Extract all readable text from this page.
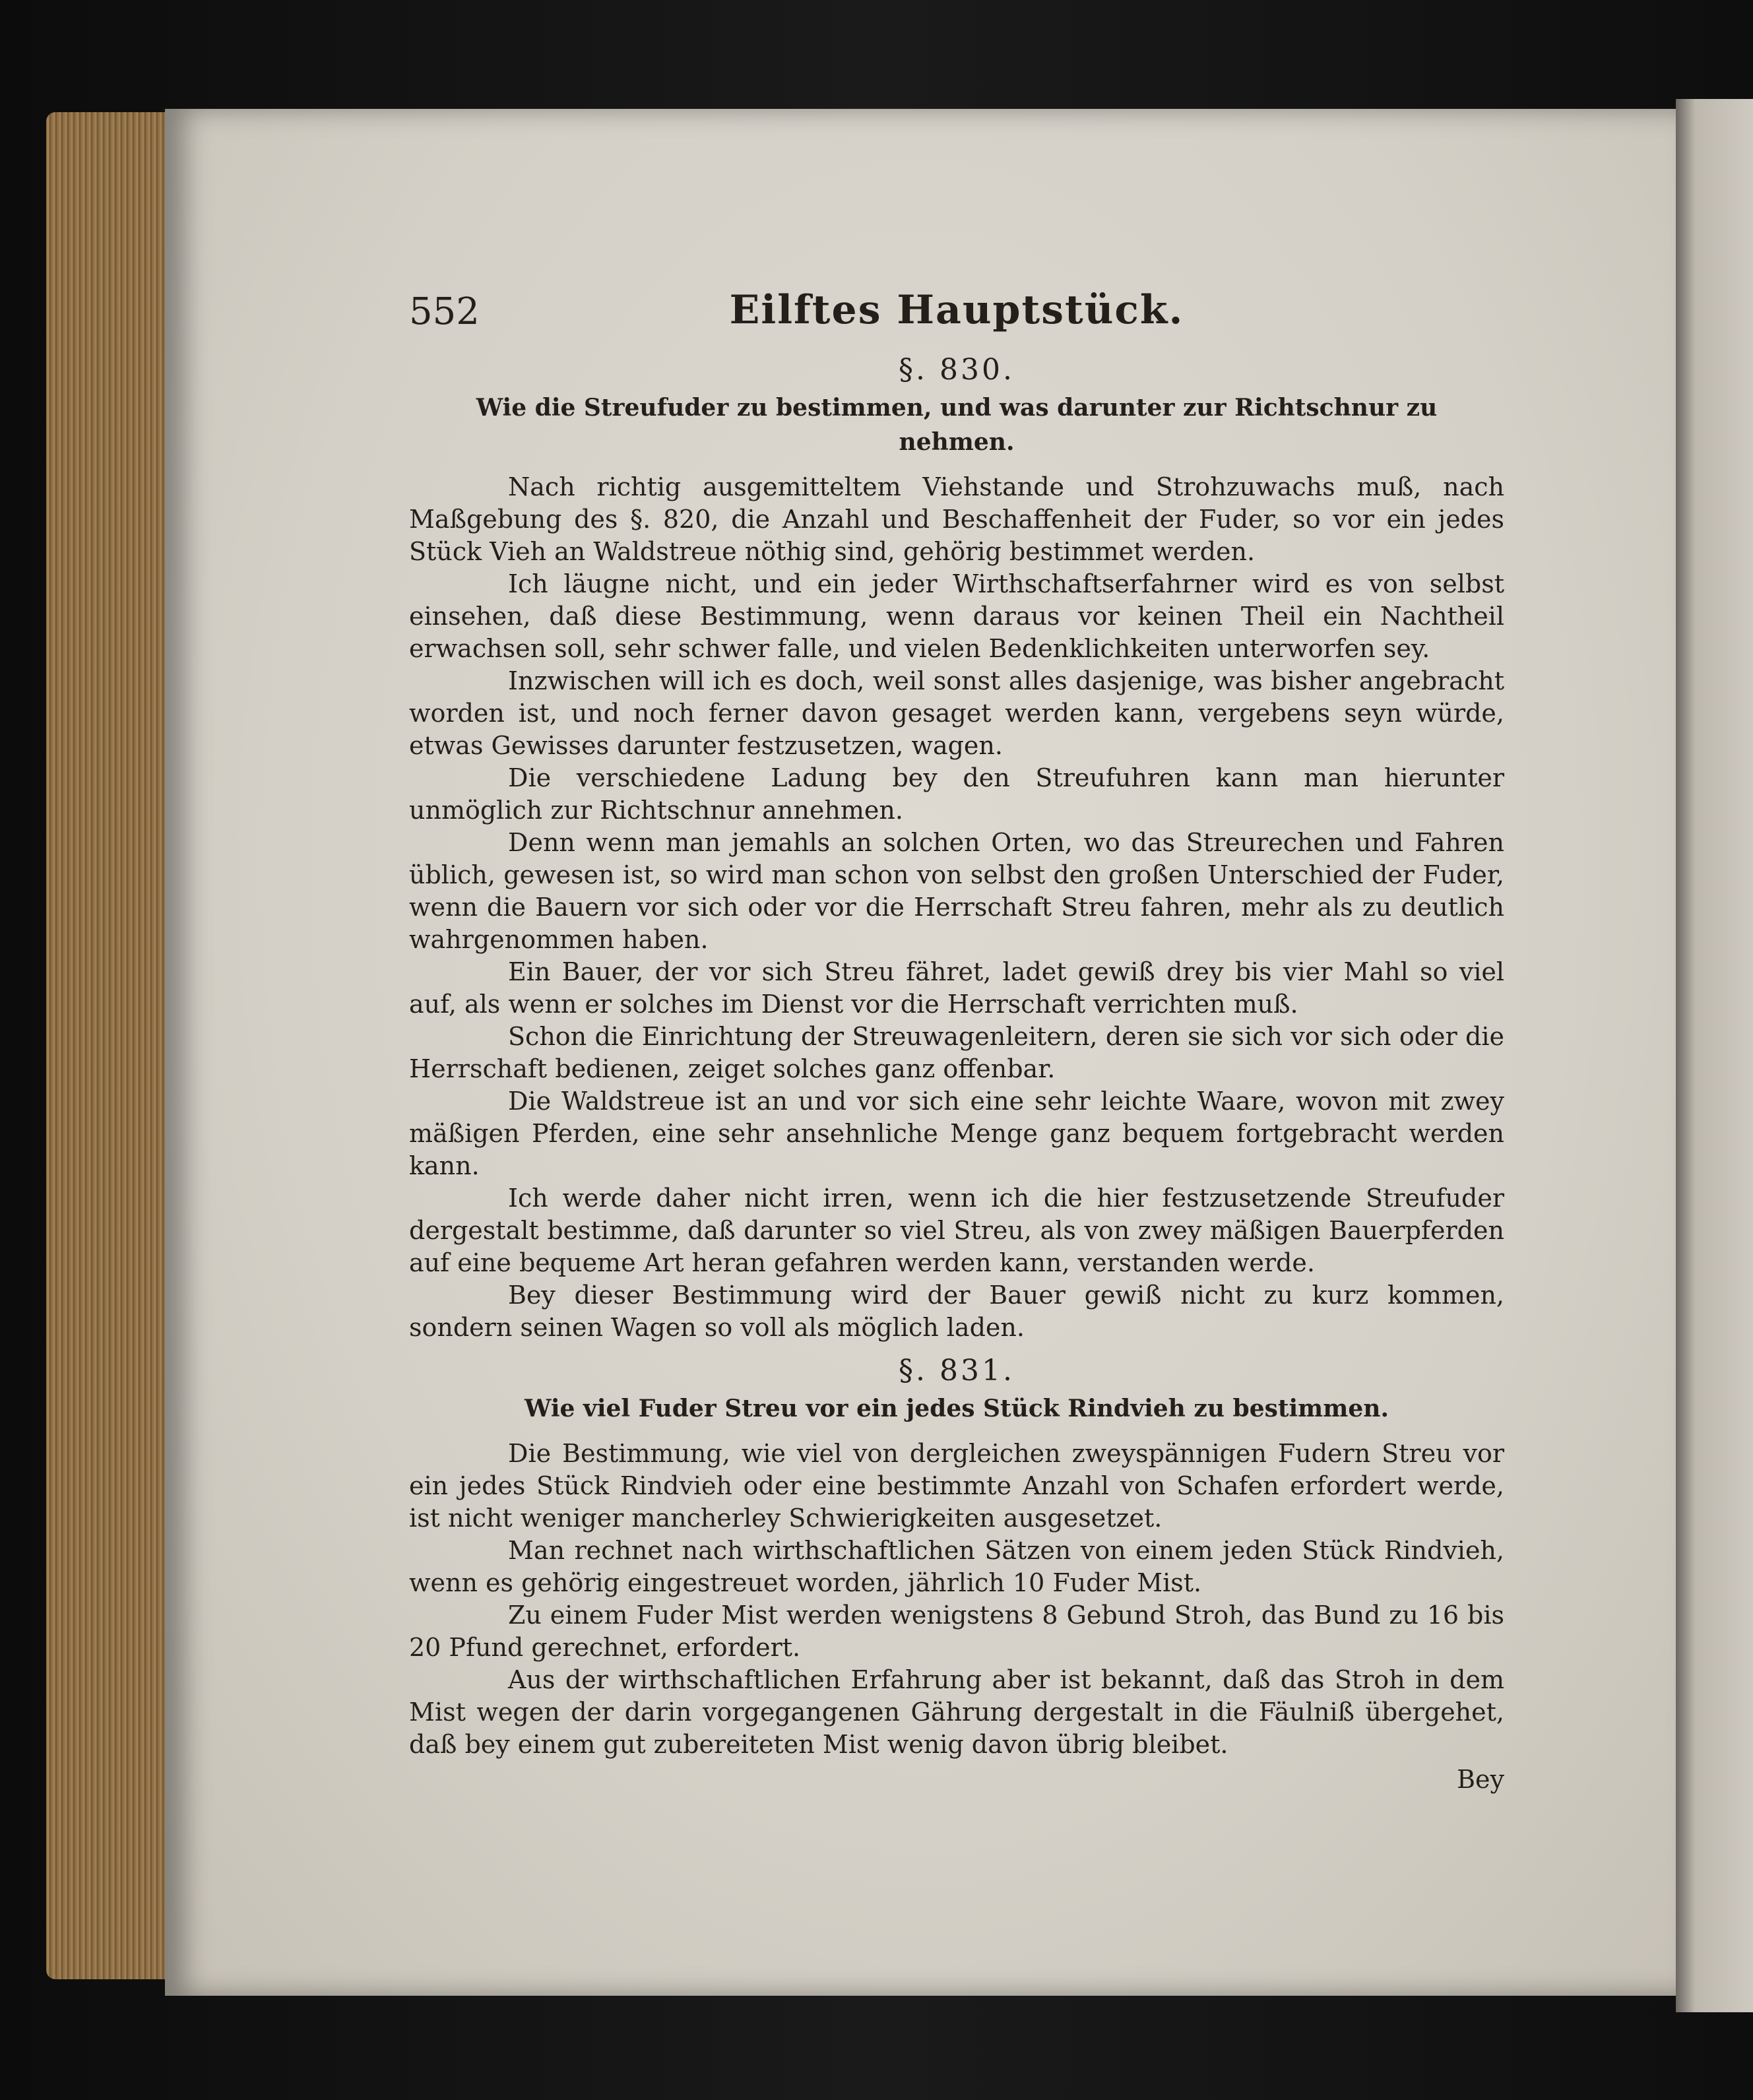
552	Eilftes Hauptstück.
§. 830.
Wie die Streufuder zu bestimmen, und was darunter zur Richtschnur zu nehmen.

Nach richtig ausgemitteltem Viehstande und Strohzuwachs muß, nach Maßgebung des §. 820, die Anzahl und Beschaffenheit der Fuder, so vor ein jedes Stück Vieh an Waldstreue nöthig sind, gehörig bestimmet werden.

Ich läugne nicht, und ein jeder Wirthschaftserfahrner wird es von selbst einsehen, daß diese Bestimmung, wenn daraus vor keinen Theil ein Nachtheil erwachsen soll, sehr schwer falle, und vielen Bedenklichkeiten unterworfen sey.

Inzwischen will ich es doch, weil sonst alles dasjenige, was bisher angebracht worden ist, und noch ferner davon gesaget werden kann, vergebens seyn würde, etwas Gewisses darunter festzusetzen, wagen.

Die verschiedene Ladung bey den Streufuhren kann man hierunter unmöglich zur Richtschnur annehmen.

Denn wenn man jemahls an solchen Orten, wo das Streurechen und Fahren üblich, gewesen ist, so wird man schon von selbst den großen Unterschied der Fuder, wenn die Bauern vor sich oder vor die Herrschaft Streu fahren, mehr als zu deutlich wahrgenommen haben.

Ein Bauer, der vor sich Streu fähret, ladet gewiß drey bis vier Mahl so viel auf, als wenn er solches im Dienst vor die Herrschaft verrichten muß.

Schon die Einrichtung der Streuwagenleitern, deren sie sich vor sich oder die Herrschaft bedienen, zeiget solches ganz offenbar.

Die Waldstreue ist an und vor sich eine sehr leichte Waare, wovon mit zwey mäßigen Pferden, eine sehr ansehnliche Menge ganz bequem fortgebracht werden kann.

Ich werde daher nicht irren, wenn ich die hier festzusetzende Streufuder dergestalt bestimme, daß darunter so viel Streu, als von zwey mäßigen Bauerpferden auf eine bequeme Art heran gefahren werden kann, verstanden werde.

Bey dieser Bestimmung wird der Bauer gewiß nicht zu kurz kommen, sondern seinen Wagen so voll als möglich laden.

§. 831.
Wie viel Fuder Streu vor ein jedes Stück Rindvieh zu bestimmen.

Die Bestimmung, wie viel von dergleichen zweyspännigen Fudern Streu vor ein jedes Stück Rindvieh oder eine bestimmte Anzahl von Schafen erfordert werde, ist nicht weniger mancherley Schwierigkeiten ausgesetzet.

Man rechnet nach wirthschaftlichen Sätzen von einem jeden Stück Rindvieh, wenn es gehörig eingestreuet worden, jährlich 10 Fuder Mist.

Zu einem Fuder Mist werden wenigstens 8 Gebund Stroh, das Bund zu 16 bis 20 Pfund gerechnet, erfordert.

Aus der wirthschaftlichen Erfahrung aber ist bekannt, daß das Stroh in dem Mist wegen der darin vorgegangenen Gährung dergestalt in die Fäulniß übergehet, daß bey einem gut zubereiteten Mist wenig davon übrig bleibet.

Bey
